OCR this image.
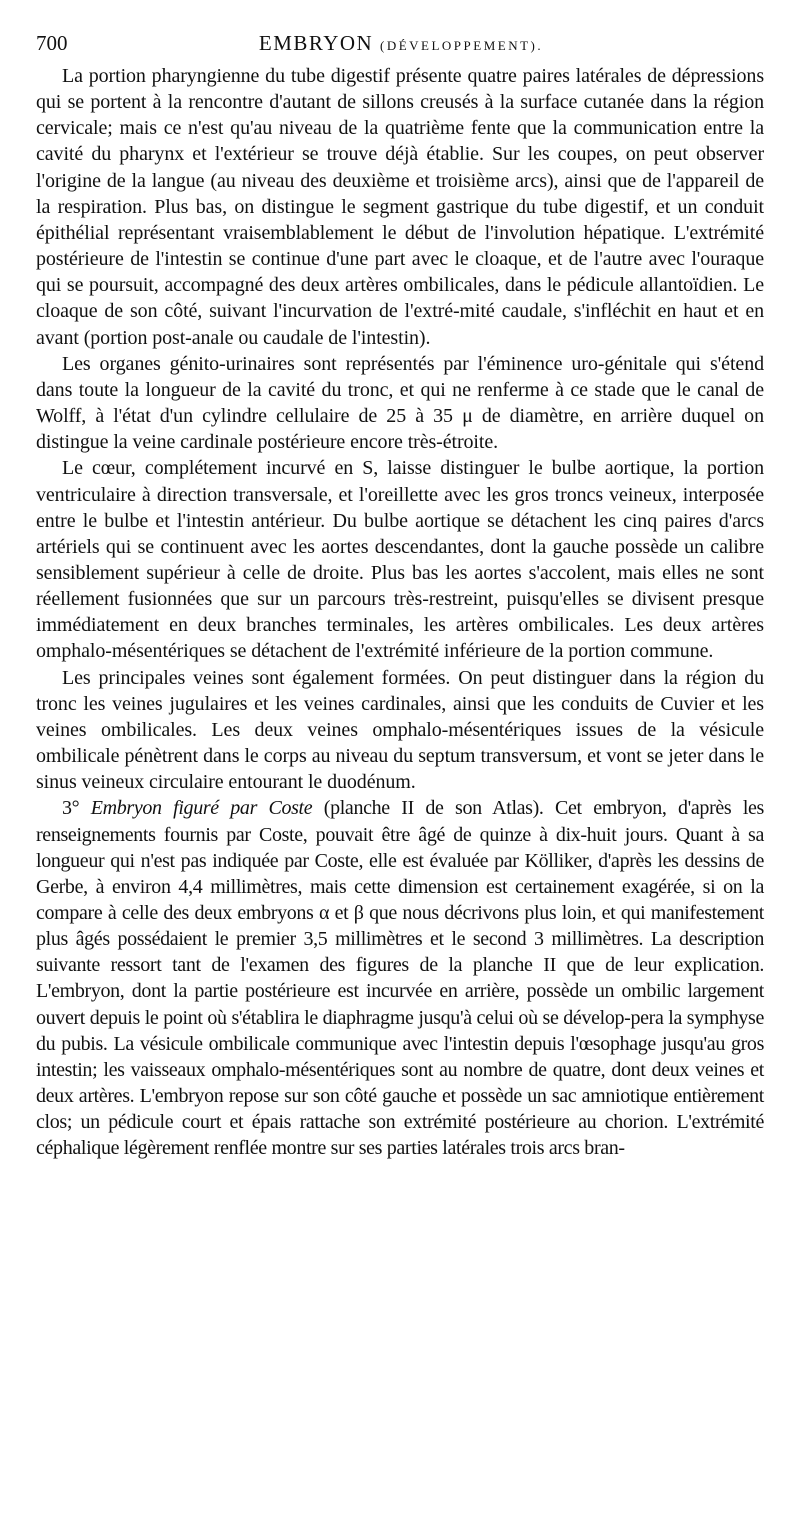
700	EMBRYON (DÉVELOPPEMENT).

La portion pharyngienne du tube digestif présente quatre paires latérales de dépressions qui se portent à la rencontre d'autant de sillons creusés à la surface cutanée dans la région cervicale; mais ce n'est qu'au niveau de la quatrième fente que la communication entre la cavité du pharynx et l'extérieur se trouve déjà établie. Sur les coupes, on peut observer l'origine de la langue (au niveau des deuxième et troisième arcs), ainsi que de l'appareil de la respiration. Plus bas, on distingue le segment gastrique du tube digestif, et un conduit épithélial représentant vraisemblablement le début de l'involution hépatique. L'extrémité postérieure de l'intestin se continue d'une part avec le cloaque, et de l'autre avec l'ouraque qui se poursuit, accompagné des deux artères ombilicales, dans le pédicule allantoïdien. Le cloaque de son côté, suivant l'incurvation de l'extré-mité caudale, s'infléchit en haut et en avant (portion post-anale ou caudale de l'intestin).

Les organes génito-urinaires sont représentés par l'éminence uro-génitale qui s'étend dans toute la longueur de la cavité du tronc, et qui ne renferme à ce stade que le canal de Wolff, à l'état d'un cylindre cellulaire de 25 à 35 μ de diamètre, en arrière duquel on distingue la veine cardinale postérieure encore très-étroite.

Le cœur, complétement incurvé en S, laisse distinguer le bulbe aortique, la portion ventriculaire à direction transversale, et l'oreillette avec les gros troncs veineux, interposée entre le bulbe et l'intestin antérieur. Du bulbe aortique se détachent les cinq paires d'arcs artériels qui se continuent avec les aortes descendantes, dont la gauche possède un calibre sensiblement supérieur à celle de droite. Plus bas les aortes s'accolent, mais elles ne sont réellement fusionnées que sur un parcours très-restreint, puisqu'elles se divisent presque immédiatement en deux branches terminales, les artères ombilicales. Les deux artères omphalo-mésentériques se détachent de l'extrémité inférieure de la portion commune.

Les principales veines sont également formées. On peut distinguer dans la région du tronc les veines jugulaires et les veines cardinales, ainsi que les conduits de Cuvier et les veines ombilicales. Les deux veines omphalo-mésentériques issues de la vésicule ombilicale pénètrent dans le corps au niveau du septum transversum, et vont se jeter dans le sinus veineux circulaire entourant le duodénum.

3° Embryon figuré par Coste (planche II de son Atlas). Cet embryon, d'après les renseignements fournis par Coste, pouvait être âgé de quinze à dix-huit jours. Quant à sa longueur qui n'est pas indiquée par Coste, elle est évaluée par Kölliker, d'après les dessins de Gerbe, à environ 4,4 millimètres, mais cette dimension est certainement exagérée, si on la compare à celle des deux embryons α et β que nous décrivons plus loin, et qui manifestement plus âgés possédaient le premier 3,5 millimètres et le second 3 millimètres. La description suivante ressort tant de l'examen des figures de la planche II que de leur explication. L'embryon, dont la partie postérieure est incurvée en arrière, possède un ombilic largement ouvert depuis le point où s'établira le diaphragme jusqu'à celui où se dévelop-pera la symphyse du pubis. La vésicule ombilicale communique avec l'intestin depuis l'œsophage jusqu'au gros intestin; les vaisseaux omphalo-mésentériques sont au nombre de quatre, dont deux veines et deux artères. L'embryon repose sur son côté gauche et possède un sac amniotique entièrement clos; un pédicule court et épais rattache son extrémité postérieure au chorion. L'extrémité céphalique légèrement renflée montre sur ses parties latérales trois arcs bran-
